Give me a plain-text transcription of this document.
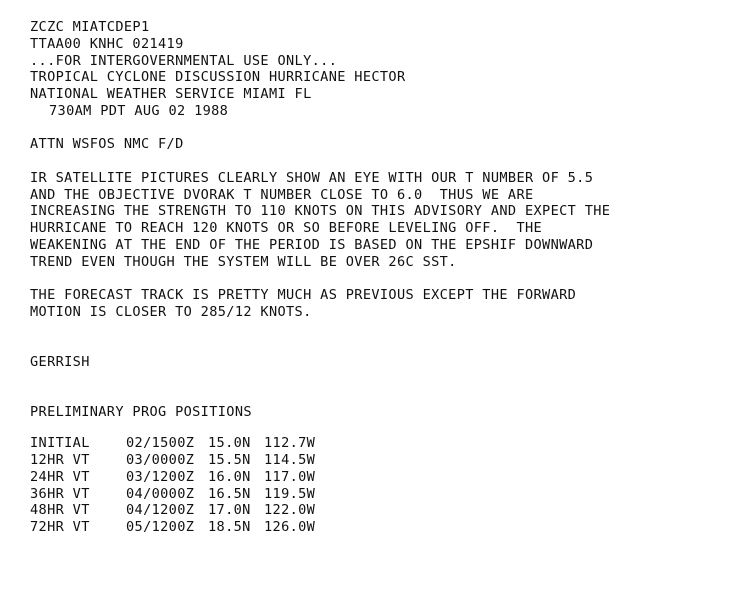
ZCZC MIATCDEP1
TTAA00 KNHC 021419
...FOR INTERGOVERNMENTAL USE ONLY...
TROPICAL CYCLONE DISCUSSION HURRICANE HECTOR
NATIONAL WEATHER SERVICE MIAMI FL
730AM PDT AUG 02 1988
ATTN WSFOS NMC F/D
IR SATELLITE PICTURES CLEARLY SHOW AN EYE WITH OUR T NUMBER OF 5.5
AND THE OBJECTIVE DVORAK T NUMBER CLOSE TO 6.0  THUS WE ARE
INCREASING THE STRENGTH TO 110 KNOTS ON THIS ADVISORY AND EXPECT THE
HURRICANE TO REACH 120 KNOTS OR SO BEFORE LEVELING OFF.  THE
WEAKENING AT THE END OF THE PERIOD IS BASED ON THE EPSHIF DOWNWARD
TREND EVEN THOUGH THE SYSTEM WILL BE OVER 26C SST.
THE FORECAST TRACK IS PRETTY MUCH AS PREVIOUS EXCEPT THE FORWARD
MOTION IS CLOSER TO 285/12 KNOTS.
GERRISH
PRELIMINARY PROG POSITIONS
INITIAL	02/1500Z	15.0N	112.7W
12HR VT	03/0000Z	15.5N	114.5W
24HR VT	03/1200Z	16.0N	117.0W
36HR VT	04/0000Z	16.5N	119.5W
48HR VT	04/1200Z	17.0N	122.0W
72HR VT	05/1200Z	18.5N	126.0W
